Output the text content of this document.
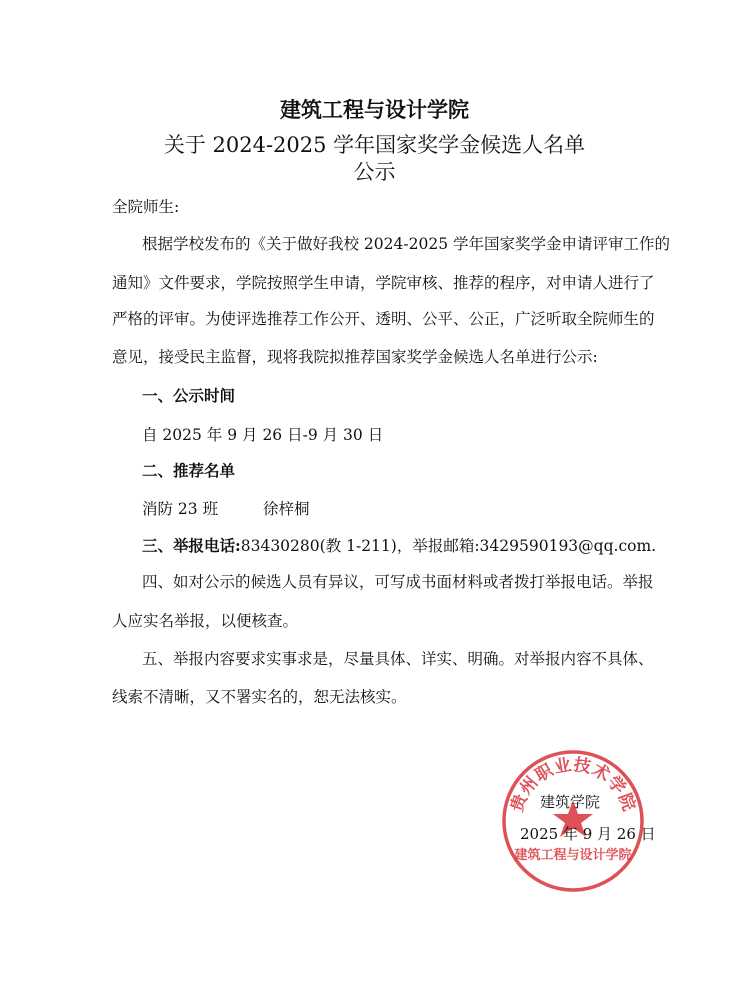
建筑工程与设计学院
关于 2024-2025 学年国家奖学金候选人名单
公示
全院师生:
根据学校发布的《关于做好我校 2024-2025 学年国家奖学金申请评审工作的
通知》文件要求，学院按照学生申请，学院审核、推荐的程序，对申请人进行了
严格的评审。为使评选推荐工作公开、透明、公平、公正，广泛听取全院师生的
意见，接受民主监督，现将我院拟推荐国家奖学金候选人名单进行公示:
一、公示时间
自 2025 年 9 月 26 日-9 月 30 日
二、推荐名单
消防 23 班	徐梓桐
三、举报电话:83430280(教 1-211)，举报邮箱:3429590193@qq.com.
四、如对公示的候选人员有异议，可写成书面材料或者拨打举报电话。举报
人应实名举报，以便核查。
五、举报内容要求实事求是，尽量具体、详实、明确。对举报内容不具体、
线索不清晰，又不署实名的，恕无法核实。
贵州职业技术学院
建筑工程与设计学院
建筑学院
2025 年 9 月 26 日
